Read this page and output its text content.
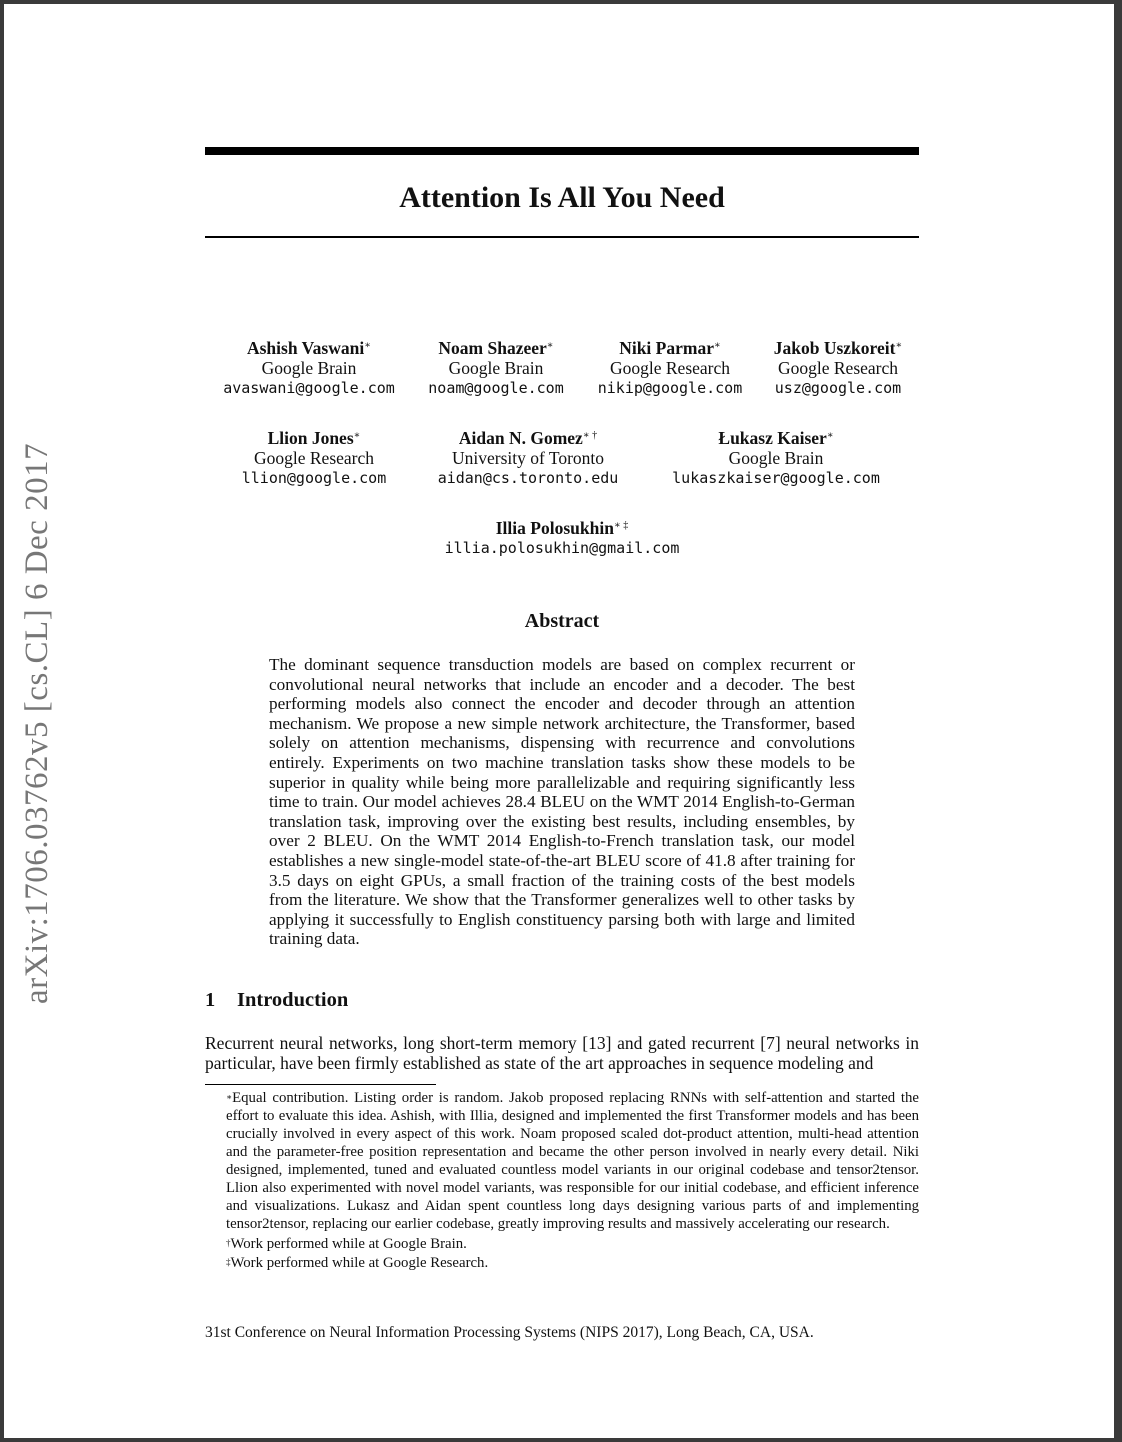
arXiv:1706.03762v5 [cs.CL] 6 Dec 2017
Attention Is All You Need
Ashish Vaswani∗
Google Brain
avaswani@google.com
Noam Shazeer∗
Google Brain
noam@google.com
Niki Parmar∗
Google Research
nikip@google.com
Jakob Uszkoreit∗
Google Research
usz@google.com
Llion Jones∗
Google Research
llion@google.com
Aidan N. Gomez∗ †
University of Toronto
aidan@cs.toronto.edu
Łukasz Kaiser∗
Google Brain
lukaszkaiser@google.com
Illia Polosukhin∗ ‡
illia.polosukhin@gmail.com
Abstract
The dominant sequence transduction models are based on complex recurrent or convolutional neural networks that include an encoder and a decoder. The best performing models also connect the encoder and decoder through an attention mechanism. We propose a new simple network architecture, the Transformer, based solely on attention mechanisms, dispensing with recurrence and convolutions entirely. Experiments on two machine translation tasks show these models to be superior in quality while being more parallelizable and requiring significantly less time to train. Our model achieves 28.4 BLEU on the WMT 2014 English-to-German translation task, improving over the existing best results, including ensembles, by over 2 BLEU. On the WMT 2014 English-to-French translation task, our model establishes a new single-model state-of-the-art BLEU score of 41.8 after training for 3.5 days on eight GPUs, a small fraction of the training costs of the best models from the literature. We show that the Transformer generalizes well to other tasks by applying it successfully to English constituency parsing both with large and limited training data.
1 Introduction
Recurrent neural networks, long short-term memory [13] and gated recurrent [7] neural networks in particular, have been firmly established as state of the art approaches in sequence modeling and

∗Equal contribution. Listing order is random. Jakob proposed replacing RNNs with self-attention and started the effort to evaluate this idea. Ashish, with Illia, designed and implemented the first Transformer models and has been crucially involved in every aspect of this work. Noam proposed scaled dot-product attention, multi-head attention and the parameter-free position representation and became the other person involved in nearly every detail. Niki designed, implemented, tuned and evaluated countless model variants in our original codebase and tensor2tensor. Llion also experimented with novel model variants, was responsible for our initial codebase, and efficient inference and visualizations. Lukasz and Aidan spent countless long days designing various parts of and implementing tensor2tensor, replacing our earlier codebase, greatly improving results and massively accelerating our research.

†Work performed while at Google Brain.

‡Work performed while at Google Research.

31st Conference on Neural Information Processing Systems (NIPS 2017), Long Beach, CA, USA.
